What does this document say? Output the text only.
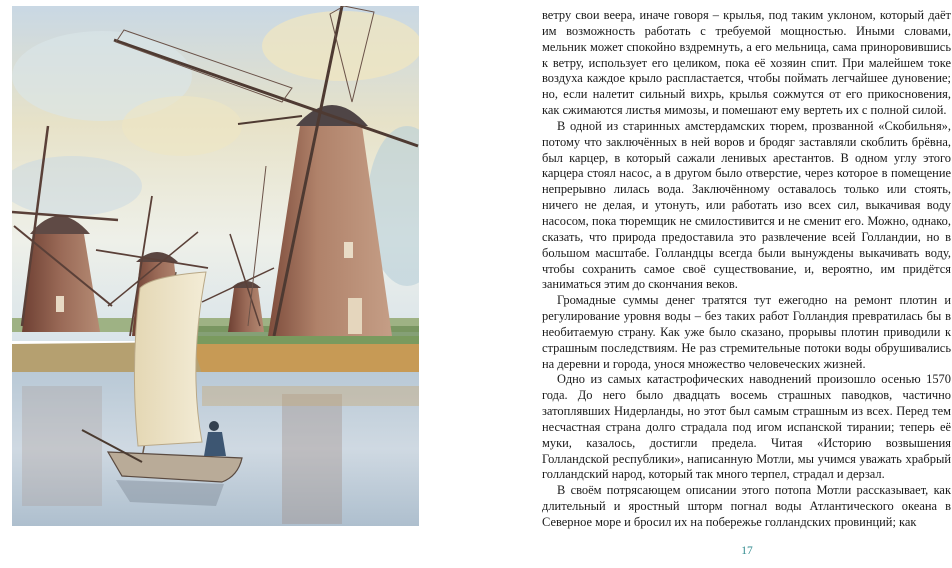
ветру свои веера, иначе говоря – крылья, под таким уклоном, который даёт им возможность работать с требуемой мощностью. Иными словами, мельник может спокойно вздремнуть, а его мельница, сама приноровившись к ветру, использует его целиком, пока её хозяин спит. При малейшем токе воздуха каждое крыло распластается, чтобы поймать легчайшее дуновение; но, если налетит сильный вихрь, крылья сожмутся от его прикосновения, как сжимаются листья мимозы, и помешают ему вертеть их с полной силой.

В одной из старинных амстердамских тюрем, прозванной «Скобильня», потому что заключённых в ней воров и бродяг заставляли скоблить брёвна, был карцер, в который сажали ленивых арестантов. В одном углу этого карцера стоял насос, а в другом было отверстие, через которое в помещение непрерывно лилась вода. Заключённому оставалось только или стоять, ничего не делая, и утонуть, или работать изо всех сил, выкачивая воду насосом, пока тюремщик не смилостивится и не сменит его. Можно, однако, сказать, что природа предоставила это развлечение всей Голландии, но в большом масштабе. Голландцы всегда были вынуждены выкачивать воду, чтобы сохранить самое своё существование, и, вероятно, им придётся заниматься этим до скончания веков.

Громадные суммы денег тратятся тут ежегодно на ремонт плотин и регулирование уровня воды – без таких работ Голландия превратилась бы в необитаемую страну. Как уже было сказано, прорывы плотин приводили к страшным последствиям. Не раз стремительные потоки воды обрушивались на деревни и города, унося множество человеческих жизней.

Одно из самых катастрофических наводнений произошло осенью 1570 года. До него было двадцать восемь страшных паводков, частично затоплявших Нидерланды, но этот был самым страшным из всех. Перед тем несчастная страна долго страдала под игом испанской тирании; теперь её муки, казалось, достигли предела. Читая «Историю возвышения Голландской республики», написанную Мотли, мы учимся уважать храбрый голландский народ, который так много терпел, страдал и дерзал.

В своём потрясающем описании этого потопа Мотли рассказывает, как длительный и яростный шторм погнал воды Атлантического океана в Северное море и бросил их на побережье голландских провинций; как

17
